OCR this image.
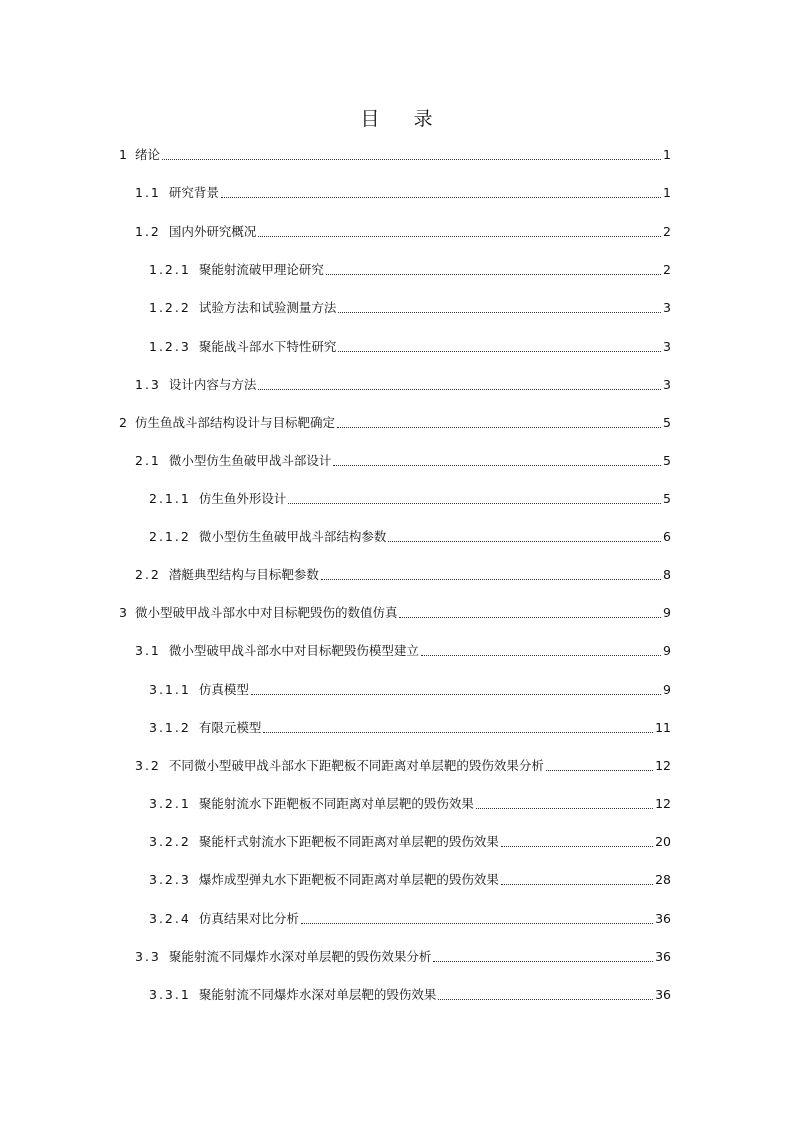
目 录
1 绪论	1
1.1 研究背景	1
1.2 国内外研究概况	2
1.2.1 聚能射流破甲理论研究	2
1.2.2 试验方法和试验测量方法	3
1.2.3 聚能战斗部水下特性研究	3
1.3 设计内容与方法	3
2 仿生鱼战斗部结构设计与目标靶确定	5
2.1 微小型仿生鱼破甲战斗部设计	5
2.1.1 仿生鱼外形设计	5
2.1.2 微小型仿生鱼破甲战斗部结构参数	6
2.2 潜艇典型结构与目标靶参数	8
3 微小型破甲战斗部水中对目标靶毁伤的数值仿真	9
3.1 微小型破甲战斗部水中对目标靶毁伤模型建立	9
3.1.1 仿真模型	9
3.1.2 有限元模型	11
3.2 不同微小型破甲战斗部水下距靶板不同距离对单层靶的毁伤效果分析	12
3.2.1 聚能射流水下距靶板不同距离对单层靶的毁伤效果	12
3.2.2 聚能杆式射流水下距靶板不同距离对单层靶的毁伤效果	20
3.2.3 爆炸成型弹丸水下距靶板不同距离对单层靶的毁伤效果	28
3.2.4 仿真结果对比分析	36
3.3 聚能射流不同爆炸水深对单层靶的毁伤效果分析	36
3.3.1 聚能射流不同爆炸水深对单层靶的毁伤效果	36
